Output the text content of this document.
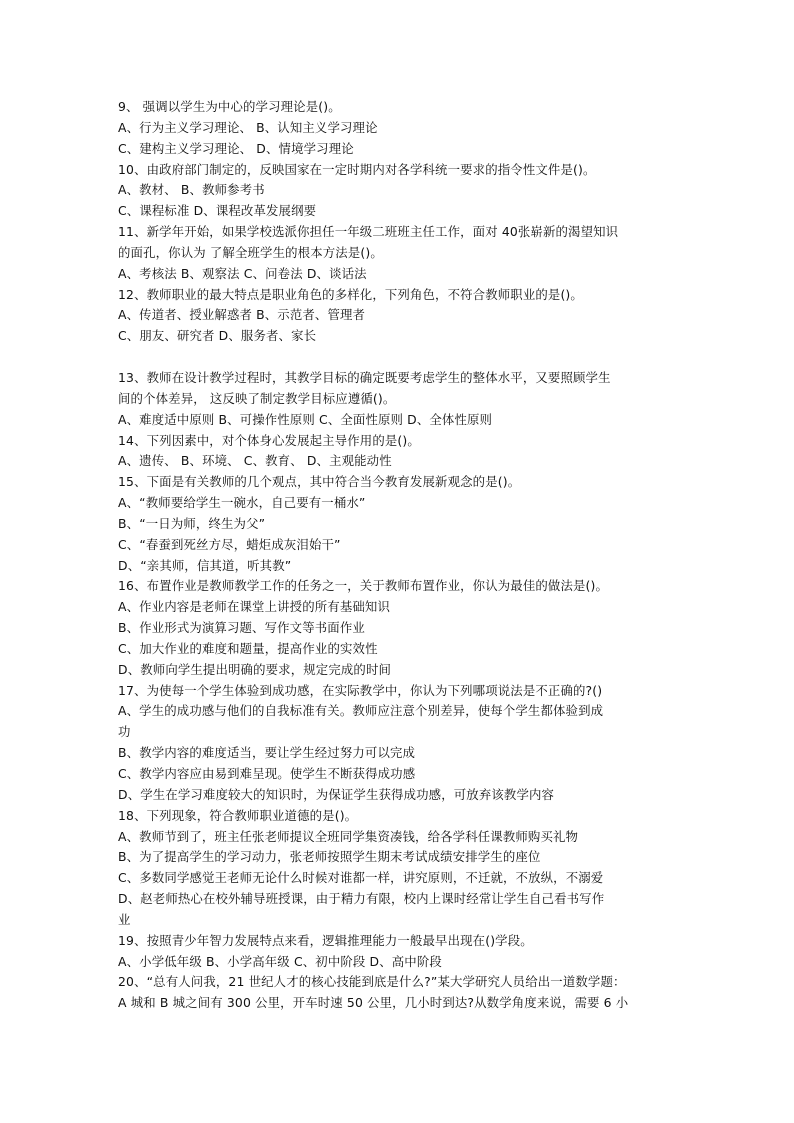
9、 强调以学生为中心的学习理论是()。
A、行为主义学习理论、 B、认知主义学习理论
C、建构主义学习理论、 D、情境学习理论
10、由政府部门制定的，反映国家在一定时期内对各学科统一要求的指令性文件是()。
A、教材、 B、教师参考书
C、课程标准 D、课程改革发展纲要
11、新学年开始，如果学校选派你担任一年级二班班主任工作，面对 40张崭新的渴望知识
的面孔，你认为 了解全班学生的根本方法是()。
A、考核法 B、观察法 C、问卷法 D、谈话法
12、教师职业的最大特点是职业角色的多样化，下列角色，不符合教师职业的是()。
A、传道者、授业解惑者 B、示范者、管理者
C、朋友、研究者 D、服务者、家长
13、教师在设计教学过程时，其教学目标的确定既要考虑学生的整体水平，又要照顾学生
间的个体差异， 这反映了制定教学目标应遵循()。
A、难度适中原则 B、可操作性原则 C、全面性原则 D、全体性原则
14、下列因素中，对个体身心发展起主导作用的是()。
A、遗传、 B、环境、 C、教育、 D、主观能动性
15、下面是有关教师的几个观点，其中符合当今教育发展新观念的是()。
A、“教师要给学生一碗水，自己要有一桶水”
B、“一日为师，终生为父”
C、“春蚕到死丝方尽，蜡炬成灰泪始干”
D、“亲其师，信其道，听其教”
16、布置作业是教师教学工作的任务之一，关于教师布置作业，你认为最佳的做法是()。
A、作业内容是老师在课堂上讲授的所有基础知识
B、作业形式为演算习题、写作文等书面作业
C、加大作业的难度和题量，提高作业的实效性
D、教师向学生提出明确的要求，规定完成的时间
17、为使每一个学生体验到成功感，在实际教学中，你认为下列哪项说法是不正确的?()
A、学生的成功感与他们的自我标准有关。教师应注意个别差异，使每个学生都体验到成
功
B、教学内容的难度适当，要让学生经过努力可以完成
C、教学内容应由易到难呈现。使学生不断获得成功感
D、学生在学习难度较大的知识时，为保证学生获得成功感，可放弃该教学内容
18、下列现象，符合教师职业道德的是()。
A、教师节到了，班主任张老师提议全班同学集资凑钱，给各学科任课教师购买礼物
B、为了提高学生的学习动力，张老师按照学生期末考试成绩安排学生的座位
C、多数同学感觉王老师无论什么时候对谁都一样，讲究原则，不迁就，不放纵，不溺爱
D、赵老师热心在校外辅导班授课，由于精力有限，校内上课时经常让学生自己看书写作
业
19、按照青少年智力发展特点来看，逻辑推理能力一般最早出现在()学段。
A、小学低年级 B、小学高年级 C、初中阶段 D、高中阶段
20、“总有人问我，21 世纪人才的核心技能到底是什么?”某大学研究人员给出一道数学题：
A 城和 B 城之间有 300 公里，开车时速 50 公里，几小时到达?从数学角度来说，需要 6 小
